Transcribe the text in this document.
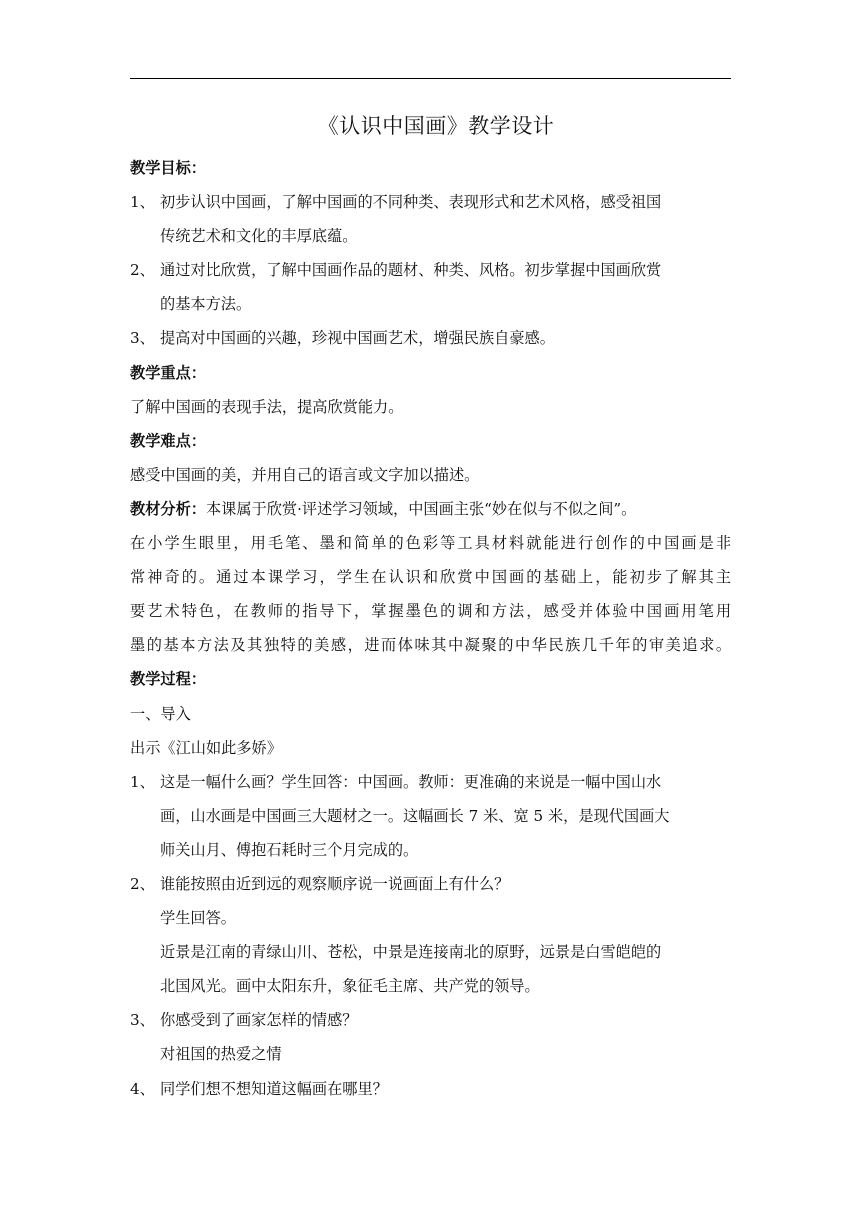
《认识中国画》教学设计
教学目标：
1、 初步认识中国画，了解中国画的不同种类、表现形式和艺术风格，感受祖国
传统艺术和文化的丰厚底蕴。
2、 通过对比欣赏，了解中国画作品的题材、种类、风格。初步掌握中国画欣赏
的基本方法。
3、 提高对中国画的兴趣，珍视中国画艺术，增强民族自豪感。
教学重点：
了解中国画的表现手法，提高欣赏能力。
教学难点：
感受中国画的美，并用自己的语言或文字加以描述。
教材分析：本课属于欣赏·评述学习领域，中国画主张“妙在似与不似之间”。
在小学生眼里，用毛笔、墨和简单的色彩等工具材料就能进行创作的中国画是非
常神奇的。通过本课学习，学生在认识和欣赏中国画的基础上，能初步了解其主
要艺术特色，在教师的指导下，掌握墨色的调和方法，感受并体验中国画用笔用
墨的基本方法及其独特的美感，进而体味其中凝聚的中华民族几千年的审美追求。
教学过程：
一、导入
出示《江山如此多娇》
1、 这是一幅什么画？学生回答：中国画。教师：更准确的来说是一幅中国山水
画，山水画是中国画三大题材之一。这幅画长 7 米、宽 5 米，是现代国画大
师关山月、傅抱石耗时三个月完成的。
2、 谁能按照由近到远的观察顺序说一说画面上有什么？
学生回答。
近景是江南的青绿山川、苍松，中景是连接南北的原野，远景是白雪皑皑的
北国风光。画中太阳东升，象征毛主席、共产党的领导。
3、 你感受到了画家怎样的情感？
对祖国的热爱之情
4、 同学们想不想知道这幅画在哪里？
